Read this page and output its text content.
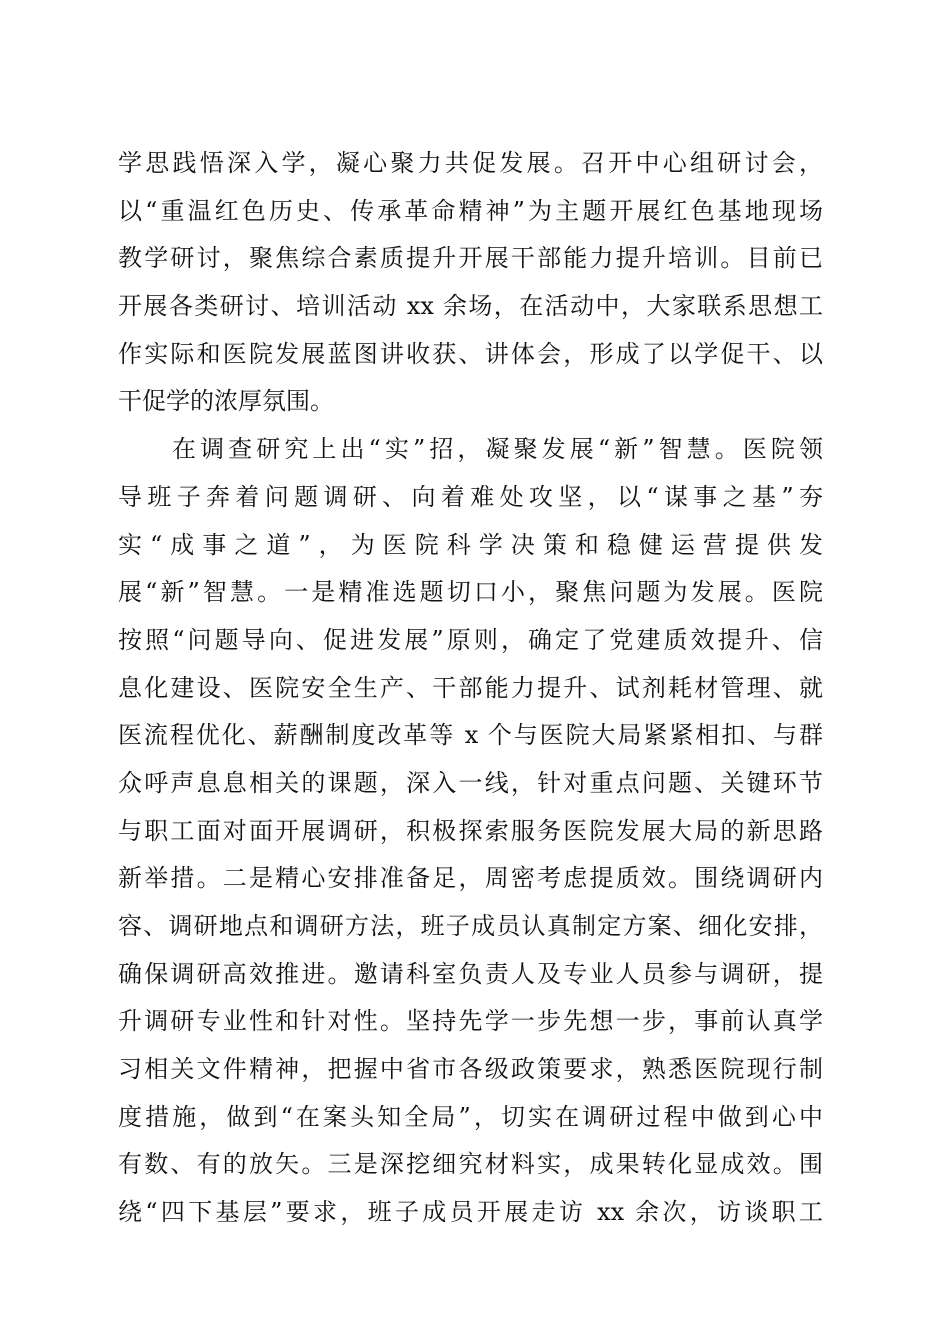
学思践悟深入学，凝心聚力共促发展。召开中心组研讨会，
以“重温红色历史、传承革命精神”为主题开展红色基地现场
教学研讨，聚焦综合素质提升开展干部能力提升培训。目前已
开展各类研讨、培训活动 xx 余场，在活动中，大家联系思想工
作实际和医院发展蓝图讲收获、讲体会，形成了以学促干、以
干促学的浓厚氛围。
在调查研究上出“实”招，凝聚发展“新”智慧。医院领
导班子奔着问题调研、向着难处攻坚，以“谋事之基”夯
实“成事之道”，为医院科学决策和稳健运营提供发
展“新”智慧。一是精准选题切口小，聚焦问题为发展。医院
按照“问题导向、促进发展”原则，确定了党建质效提升、信
息化建设、医院安全生产、干部能力提升、试剂耗材管理、就
医流程优化、薪酬制度改革等 x 个与医院大局紧紧相扣、与群
众呼声息息相关的课题，深入一线，针对重点问题、关键环节
与职工面对面开展调研，积极探索服务医院发展大局的新思路
新举措。二是精心安排准备足，周密考虑提质效。围绕调研内
容、调研地点和调研方法，班子成员认真制定方案、细化安排，
确保调研高效推进。邀请科室负责人及专业人员参与调研，提
升调研专业性和针对性。坚持先学一步先想一步，事前认真学
习相关文件精神，把握中省市各级政策要求，熟悉医院现行制
度措施，做到“在案头知全局”，切实在调研过程中做到心中
有数、有的放矢。三是深挖细究材料实，成果转化显成效。围
绕“四下基层”要求，班子成员开展走访 xx 余次，访谈职工
